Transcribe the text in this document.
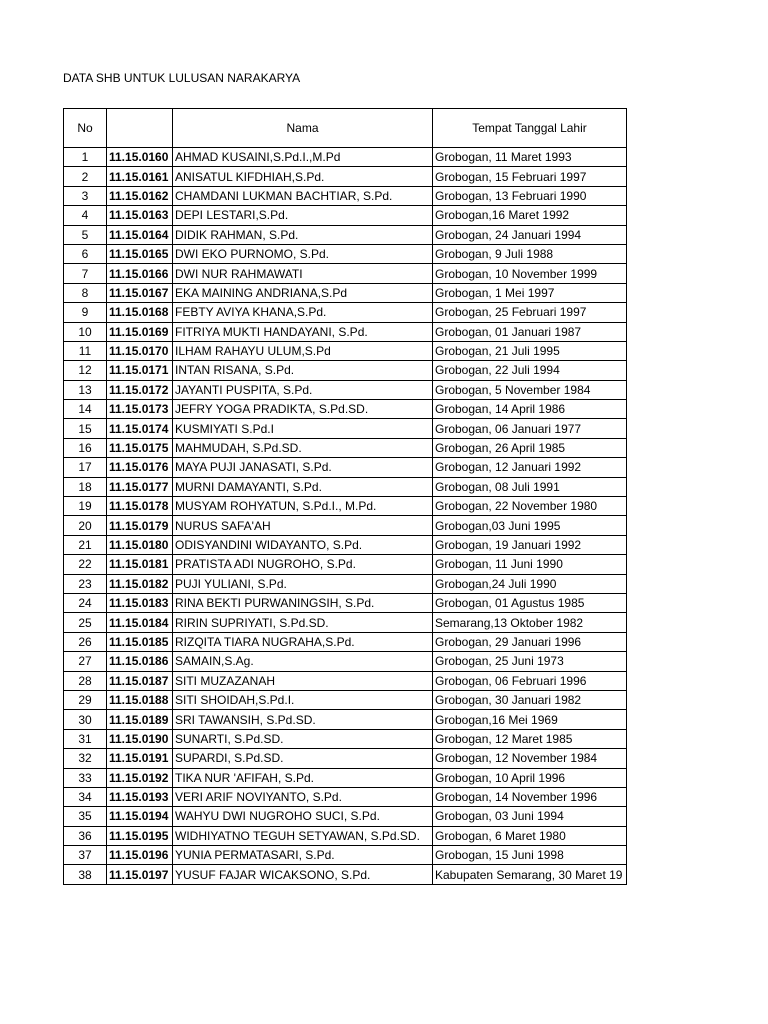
DATA SHB UNTUK LULUSAN NARAKARYA
No		Nama	Tempat Tanggal Lahir
1	11.15.0160	AHMAD KUSAINI,S.Pd.I.,M.Pd	Grobogan, 11 Maret 1993
2	11.15.0161	ANISATUL KIFDHIAH,S.Pd.	Grobogan, 15 Februari 1997
3	11.15.0162	CHAMDANI LUKMAN BACHTIAR, S.Pd.	Grobogan, 13 Februari 1990
4	11.15.0163	DEPI LESTARI,S.Pd.	Grobogan,16 Maret 1992
5	11.15.0164	DIDIK RAHMAN, S.Pd.	Grobogan, 24 Januari 1994
6	11.15.0165	DWI EKO PURNOMO, S.Pd.	Grobogan, 9 Juli 1988
7	11.15.0166	DWI NUR RAHMAWATI	Grobogan, 10 November 1999
8	11.15.0167	EKA MAINING ANDRIANA,S.Pd	Grobogan, 1 Mei 1997
9	11.15.0168	FEBTY AVIYA KHANA,S.Pd.	Grobogan, 25 Februari 1997
10	11.15.0169	FITRIYA MUKTI HANDAYANI, S.Pd.	Grobogan, 01 Januari 1987
11	11.15.0170	ILHAM RAHAYU ULUM,S.Pd	Grobogan, 21 Juli 1995
12	11.15.0171	INTAN RISANA, S.Pd.	Grobogan, 22 Juli 1994
13	11.15.0172	JAYANTI PUSPITA, S.Pd.	Grobogan, 5 November 1984
14	11.15.0173	JEFRY YOGA PRADIKTA, S.Pd.SD.	Grobogan, 14 April 1986
15	11.15.0174	KUSMIYATI S.Pd.I	Grobogan, 06 Januari 1977
16	11.15.0175	MAHMUDAH, S.Pd.SD.	Grobogan, 26 April 1985
17	11.15.0176	MAYA PUJI JANASATI, S.Pd.	Grobogan, 12 Januari 1992
18	11.15.0177	MURNI DAMAYANTI, S.Pd.	Grobogan, 08 Juli 1991
19	11.15.0178	MUSYAM ROHYATUN, S.Pd.I., M.Pd.	Grobogan, 22 November 1980
20	11.15.0179	NURUS SAFA'AH	Grobogan,03 Juni 1995
21	11.15.0180	ODISYANDINI WIDAYANTO, S.Pd.	Grobogan, 19 Januari 1992
22	11.15.0181	PRATISTA ADI NUGROHO, S.Pd.	Grobogan, 11 Juni 1990
23	11.15.0182	PUJI YULIANI, S.Pd.	Grobogan,24 Juli 1990
24	11.15.0183	RINA BEKTI PURWANINGSIH, S.Pd.	Grobogan, 01 Agustus 1985
25	11.15.0184	RIRIN SUPRIYATI, S.Pd.SD.	Semarang,13 Oktober 1982
26	11.15.0185	RIZQITA TIARA NUGRAHA,S.Pd.	Grobogan, 29 Januari 1996
27	11.15.0186	SAMAIN,S.Ag.	Grobogan, 25 Juni 1973
28	11.15.0187	SITI MUZAZANAH	Grobogan, 06 Februari 1996
29	11.15.0188	SITI SHOIDAH,S.Pd.I.	Grobogan, 30 Januari 1982
30	11.15.0189	SRI TAWANSIH, S.Pd.SD.	Grobogan,16 Mei 1969
31	11.15.0190	SUNARTI, S.Pd.SD.	Grobogan, 12 Maret 1985
32	11.15.0191	SUPARDI, S.Pd.SD.	Grobogan, 12 November 1984
33	11.15.0192	TIKA NUR 'AFIFAH, S.Pd.	Grobogan, 10 April 1996
34	11.15.0193	VERI ARIF NOVIYANTO, S.Pd.	Grobogan, 14 November 1996
35	11.15.0194	WAHYU DWI NUGROHO SUCI, S.Pd.	Grobogan, 03 Juni 1994
36	11.15.0195	WIDHIYATNO TEGUH SETYAWAN, S.Pd.SD.	Grobogan, 6 Maret 1980
37	11.15.0196	YUNIA PERMATASARI, S.Pd.	Grobogan, 15 Juni 1998
38	11.15.0197	YUSUF FAJAR WICAKSONO, S.Pd.	Kabupaten Semarang, 30 Maret 19
